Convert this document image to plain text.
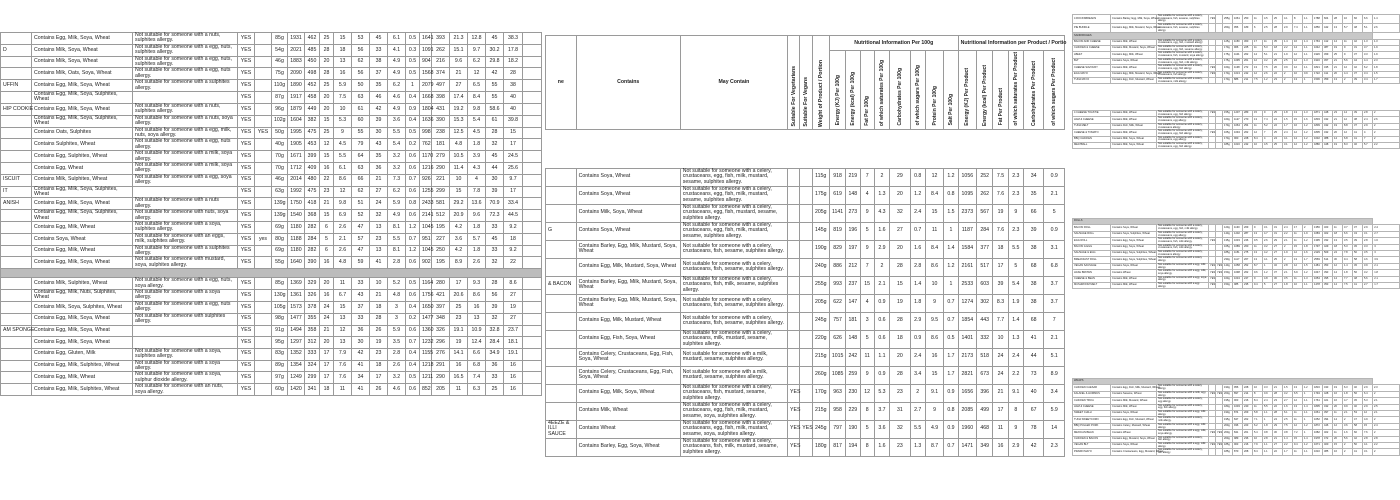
	Contains Egg, Milk, Soya, Wheat	Not suitable for someone with a nuts, sulphites allergy.	YES		85g	1931	462	25	15	53	45	6.1	0.5	1641	393	21.3	12.8	45	38.3	
D	Contains Milk, Soya, Wheat	Not suitable for someone with a egg, nuts, sulphites allergy.	YES		54g	2021	485	28	18	56	33	4.1	0.3	1091	262	15.1	9.7	30.2	17.8	
	Contains Milk, Soya, Wheat	Not suitable for someone with a egg, nuts, sulphites allergy.	YES		46g	1883	450	20	13	62	38	4.9	0.5	904	216	9.6	6.2	29.8	18.2	
	Contains Milk, Oats, Soya, Wheat	Not suitable for someone with a egg, nuts allergy.	YES		75g	2090	498	28	16	56	37	4.9	0.5	1568	374	21	12	42	28	
UFFIN	Contains Egg, Milk, Soya, Wheat	Not suitable for someone with a sulphites allergy.	YES		110g	1890	452	25	5.9	50	35	6.2	1	2079	497	27	6.5	55	38	
	Contains Egg, Milk, Soya, Sulphites, Wheat		YES		87g	1917	458	20	7.5	63	46	4.6	0.4	1668	398	17.4	8.4	55	40	
HIP COOKIE	Contains Egg, Milk, Soya, Wheat	Not suitable for someone with a nuts, sulphites allergy.	YES		96g	1879	449	20	10	61	42	4.9	0.9	1804	431	19.2	9.8	58.6	40	
	Contains Egg, Milk, Soya, Sulphites, Wheat	Not suitable for someone with a nuts, soya allergy.	YES		102g	1604	382	15	5.3	60	39	3.6	0.4	1636	390	15.3	5.4	61	39.8	
	Contains Oats, Sulphites	Not suitable for someone with a egg, milk, nuts, soya allergy.	YES	YES	50g	1995	475	25	9	55	30	5.5	0.5	998	238	12.5	4.5	28	15	
	Contains Sulphites, Wheat	Not suitable for someone with a egg, nuts allergy.	YES		40g	1905	453	12	4.5	79	43	5.4	0.2	762	181	4.8	1.8	32	17	
	Contains Egg, Sulphites, Wheat	Not suitable for someone with a milk, soya allergy.	YES		70g	1671	399	15	5.5	64	35	3.2	0.6	1170	279	10.5	3.9	45	24.5	
	Contains Egg, Wheat	Not suitable for someone with a milk, soya allergy.	YES		70g	1712	409	16	6.1	63	36	3.2	0.6	1216	290	11.4	4.3	44	25.6	
ISCUIT	Contains Milk, Sulphites, Wheat	Not suitable for someone with a egg, soya allergy.	YES		46g	2014	480	22	8.6	66	21	7.3	0.7	926	221	10	4	30	9.7	
IT	Contains Egg, Milk, Soya, Sulphites, Wheat		YES		63g	1992	475	23	12	62	27	6.2	0.6	1255	299	15	7.8	39	17	
ANISH	Contains Egg, Milk, Soya, Wheat	Not suitable for someone with a nuts allergy.	YES		139g	1750	418	21	9.8	51	24	5.9	0.8	2433	581	29.2	13.6	70.9	33.4	
	Contains Egg, Milk, Soya, Sulphites, Wheat	Not suitable for someone with nuts, soya allergy.	YES		139g	1540	368	15	6.9	52	32	4.9	0.6	2141	512	20.9	9.6	72.3	44.5	
	Contains Egg, Milk, Wheat	Not suitable for someone with a soya, sulphites allergy.	YES		69g	1180	282	6	2.6	47	13	8.1	1.2	1045	195	4.2	1.8	33	9.2	
	Contains Soya, Wheat	Not suitable for someone with an eggs, milk, sulphites allergy.	YES	yes	80g	1188	284	5	2.1	57	23	5.5	0.7	951	227	3.6	5.7	45	18	
	Contains Egg, Milk, Wheat	Not suitable for someone with a sulphites allergy.	YES		69g	1180	282	6	2.6	47	13	8.1	1.2	1045	250	4.2	1.8	33	9.2	
	Contains Egg, Milk, Soya, Wheat	Not suitable for someone with mustard, soya, sulphites allergy.	YES		55g	1640	390	16	4.8	59	41	2.8	0.6	902	195	8.9	2.6	32	22	

	Contains Milk, Sulphites, Wheat	Not suitable for someone with a egg, nuts, soya allergy.	YES		85g	1369	329	20	11	33	10	5.2	0.5	1164	280	17	9.3	28	8.6	
	Contains Egg, Milk, Nuts, Sulphites, Wheat	Not suitable for someone with a soya allergy.	YES		130g	1361	326	16	6.7	43	21	4.8	0.6	1756	421	20.6	8.6	56	27	
	Contains Milk, Soya, Sulphites, Wheat	Not suitable for someone with a egg, nuts allergy.	YES		105g	1573	378	24	15	37	18	3	0.4	1650	397	25	16	39	19	
	Contains Egg, Milk, Soya, Wheat	Not suitable for someone with sulphites allergy.	YES		98g	1477	355	24	13	33	28	3	0.2	1477	348	23	13	32	27	
AM SPONGE	Contains Egg, Milk, Soya, Wheat		YES		91g	1494	358	21	12	36	26	5.9	0.6	1360	326	19.1	10.9	32.8	23.7	
	Contains Egg, Milk, Soya, Wheat		YES		95g	1297	312	20	13	30	19	3.5	0.7	1232	296	19	12.4	28.4	18.1	
	Contains Egg, Gluten, Milk	Not suitable for someone with a soya, sulphites allergy.	YES		83g	1352	333	17	7.9	42	23	2.8	0.4	1155	276	14.1	6.6	34.9	19.1	
	Contains Egg, Milk, Sulphites, Wheat	Not suitable for someone with a soya allergy.	YES		89g	1354	324	17	7.6	41	18	2.6	0.4	1218	291	16	6.8	36	16	
	Contains Egg, Milk, Wheat	Not suitable for someone with a soya, sulphur dioxide allergy.	YES		97g	1249	299	17	7.6	34	17	3.2	0.5	1211	290	16.5	7.4	33	16	
	Contains Egg, Milk, Sulphites, Wheat	Not suitable for someone with an nuts, soya allergy.	YES		60g	1420	341	18	11	41	26	4.6	0.6	852	205	11	6.3	25	16	
ne	Contains	May Contain	Suitable For Vegetarians	Suitable For Vegans	Weight of Product / Portion	Nutritional Information Per 100g								Nutritional Information per Product / Portio					
						Energy (KJ) Per 100g	Energy (kcal) Per 100g	Fat Per 100g	of which saturates Per 100g	Carbohydrates Per 100g	of which sugars Per 100g	Protein Per 100g	Salt Per 100g	Energy (KJ) Per Product	Energy (kcal) Per Product	Fat Per Product	of which saturates Per Product	Carbohydrates Per Product	of which sugars Per Product

	Contains Soya, Wheat	Not suitable for someone with a celery, crustaceans, egg, fish, milk, mustard, sesame, sulphites allergy.			115g	918	219	7	2	29	0.8	12	1.2	1056	252	7.5	2.3	34	0.9
	Contains Soya, Wheat	Not suitable for someone with a celery, crustaceans, egg, fish, milk, mustard, sesame, sulphites allergy.			175g	619	148	4	1.3	20	1.2	8.4	0.8	1095	262	7.6	2.3	35	2.1
	Contains Milk, Soya, Wheat	Not suitable for someone with a celery, crustaceans, egg, fish, mustard, sesame, sulphites allergy.			205g	1141	273	9	4.3	32	2.4	15	1.5	2373	567	19	9	66	5
G	Contains Soya, Wheat	Not suitable for someone with a celery, crustaceans, egg, fish, milk, mustard, sesame, sulphites allergy.			145g	819	196	5	1.6	27	0.7	11	1	1187	284	7.6	2.3	39	0.9
	Contains Barley, Egg, Milk, Mustard, Soya, Wheat	Not suitable for someone with a celery, crustaceans, fish, sesame, sulphites allergy.			190g	829	197	9	2.9	20	1.6	8.4	1.4	1584	377	18	5.5	38	3.1
	Contains Egg, Milk, Mustard, Soya, Wheat	Not suitable for someone with a celery, crustaceans, fish, sesame, sulphites allergy.			240g	886	212	7	2	28	2.8	8.6	1.2	2161	517	17	5	68	6.8
& BACON	Contains Barley, Egg, Milk, Mustard, Soya, Wheat	Not suitable for someone with a celery, crustaceans, fish, milk, sesame, sulphites allergy.			255g	993	237	15	2.1	15	1.4	10	1	2533	603	39	5.4	38	3.7
	Contains Barley, Egg, Milk, Mustard, Soya, Wheat	Not suitable for someone with a celery, crustaceans, fish, sesame, sulphites allergy.			205g	622	147	4	0.9	19	1.8	9	0.7	1274	302	8.3	1.9	38	3.7
	Contains Egg, Milk, Mustard, Wheat	Not suitable for someone with a celery, crustaceans, fish, sesame, sulphites allergy.			245g	757	181	3	0.6	28	2.9	9.5	0.7	1854	443	7.7	1.4	68	7
	Contains Egg, Fish, Soya, Wheat	Not suitable for someone with a celery, crustaceans, milk, mustard, sesame, sulphites allergy.			220g	626	148	5	0.6	18	0.9	8.6	0.5	1401	332	10	1.3	41	2.1
	Contains Celery, Crustaceans, Egg, Fish, Soya, Wheat	Not suitable for someone with a milk, mustard, sesame, sulphites allergy.			215g	1015	242	11	1.1	20	2.4	16	1.7	2173	518	24	2.4	44	5.1
	Contains Celery, Crustaceans, Egg, Fish, Soya, Wheat	Not suitable for someone with a milk, mustard, sesame, sulphites allergy.			260g	1085	259	9	0.9	28	3.4	15	1.7	2821	673	24	2.2	73	8.9
	Contains Egg, Milk, Soya, Wheat	Not suitable for someone with a celery, crustaceans, fish, mustard, sesame, sulphites allergy.	YES		170g	963	230	12	5.3	23	2	9.1	0.9	1656	396	21	9.1	40	3.4
	Contains Milk, Wheat	Not suitable for someone with a celery, crustaceans, egg, fish, milk, mustard, sesame, soya, sulphites allergy.	YES		215g	958	229	8	3.7	31	2.7	9	0.8	2085	499	17	8	67	5.9
4EEZE & ILLI SAUCE	Contains Wheat	Not suitable for someone with a celery, crustaceans, egg, fish, milk, mustard, sesame, soya, sulphites allergy.	YES	YES	245g	797	190	5	3.6	32	5.5	4.9	0.9	1960	468	11	9	78	14
	Contains Barley, Egg, Soya, Wheat	Not suitable for someone with a celery, crustaceans, fish, milk, mustard, sesame, sulphites allergy.	YES		180g	817	194	8	1.6	23	1.3	8.7	0.7	1471	349	16	2.9	42	2.3
4 ROCKSBREADS	Contains Barley, Egg, Milk, Soya, Wheat	Not suitable for someone with a celery, crustaceans, fish, sesame, sulphites allergy.	YES		255g	1061	250	11	4.5	25	4.1	8	1.1	1788	604	28	10	66	6.6	1.4
PIE BUNDLE	Contains Egg, Milk, Mustard, Soya, Wheat	Not suitable for someone with a celery, crustaceans, fish, sesame, sulphites allergy.			260g	956	189	6	2.5	28	2.9	7.4	1.1	1850	442	13	5.7	48	5.1	2.6
SANDWICHES																				
BACON AND CHEESE	Contains Milk, Wheat	Not suitable for someone with a celery, crustaceans, egg, fish, mustard allergy.			125g	1150	360	17	11	35	1.4	16	1.4	1763	412	14	11	42	1.3	1.3
CHICKEN & CHEESE	Contains Milk, Mustard, Soya, Wheat	Not suitable for someone with a celery, crustaceans, egg, fish, sesame allergy.			170g	966	225	11	5.3	18	2.2	14	1.1	1642	387	19	9	31	3.7	1.9
LBE&T	Contains Egg, Milk, Wheat	Not suitable for someone with a celery, crustaceans, fish, mustard, soya allergy.			175g	1101	262	14	5.1	21	1.9	12	1.1	1926	459	25	9	37	3.3	1.9
BLT	Contains Soya, Wheat	Not suitable for someone with a celery, crustaceans, egg, fish, milk allergy.			175g	1095	261	12	3.2	25	2.5	12	1.3	1916	457	21	5.6	44	4.4	2.3
CHEESE SAVOURY	Contains Milk, Wheat	Not suitable for someone with a celery, crustaceans, egg, fish allergy.	YES		160g	1138	272	13	7.5	26	3.9	12	1.1	1821	435	21	12	42	6.2	1.8
EGG MAYO	Contains Egg, Milk, Mustard, Soya, Wheat	Not suitable for someone with a celery, crustaceans, fish allergy.	YES		170g	1013	242	12	2.6	22	2	10	0.9	1722	411	20	4.4	37	3.4	1.5
TUNA MAYO	Contains Egg, Fish, Mustard, Wheat	Not suitable for someone with a celery, crustaceans, milk allergy.			170g	886	211	7.5	1.2	23	2	13	1	1506	359	13	2	39	3.4	1.7
4 CHEESE TOASTIE	Contains Milk, Wheat	Not suitable for someone with a celery, crustaceans, egg, fish allergy.	YES		155g	1207	289	15	9	25	1.8	13	1.3	1871	448	23	14	39	2.8	2
HAM & CHEESE	Contains Milk, Wheat	Not suitable for someone with a celery, crustaceans, egg allergy.			160g	1127	270	13	7.4	24	1.5	15	1.6	1803	432	21	12	38	2.4	2.6
TUNA MELT	Contains Fish, Milk, Wheat	Not suitable for someone with a celery, crustaceans allergy.			170g	1064	254	11	5.2	22	1.7	16	1.2	1809	432	19	8.8	37	2.9	2
CHEESE & TOMATO	Contains Milk, Wheat	Not suitable for someone with a celery, crustaceans, egg, fish allergy.	YES		165g	1094	262	12	7	25	2.4	12	1.2	1805	432	20	12	41	4	2
BBQ CHICKEN	Contains Milk, Soya, Wheat	Not suitable for someone with a celery, crustaceans, egg allergy.			170g	960	228	8.4	4	24	4.1	14	1.2	1632	388	14	6.8	41	7	2
MEATBALL	Contains Milk, Soya, Wheat	Not suitable for someone with a celery, crustaceans, egg, fish allergy.			185g	1016	242	10	4.5	25	3.1	12	1.2	1880	448	19	8.3	46	5.7	2.2
ROLLS																				
BACON ROLL	Contains Soya, Wheat	Not suitable for someone with a celery, crustaceans, egg, fish, milk allergy.			120g	1130	269	9	3.1	31	2.4	17	2	1356	323	11	3.7	37	2.9	2.4
SAUSAGE ROLL	Contains Soya, Sulphites, Wheat	Not suitable for someone with a celery, crustaceans, egg allergy.			140g	1202	287	13	4.7	31	2.2	11	1.9	1683	402	18	6.6	43	3.1	2.7
EGG ROLL	Contains Egg, Soya, Wheat	Not suitable for someone with a celery, crustaceans, fish, milk allergy.	YES		135g	1033	246	9.5	2.6	29	2.1	11	1.2	1395	332	13	3.5	39	2.8	1.6
BACON & EGG	Contains Egg, Soya, Wheat	Not suitable for someone with a celery, crustaceans, fish, milk allergy.			165g	1089	260	11	3.2	27	2	15	1.8	1797	429	18	5.3	45	3.3	3
SAUSAGE & EGG	Contains Egg, Soya, Sulphites, Wheat	Not suitable for someone with a celery, crustaceans allergy.			185g	1151	275	13	4.2	27	1.9	12	1.6	2129	509	24	7.8	50	3.5	3
BREAKFAST ROLL	Contains Egg, Soya, Sulphites, Wheat	Not suitable for someone with a celery allergy.			230g	1117	267	13	4.1	25	2	13	1.7	2569	614	30	9.4	58	4.6	3.9
VEGAN SAUSAGE	Contains Soya, Wheat	Not suitable for someone with a egg, milk allergy.	YES	YES	140g	1058	252	8.7	1	32	2.8	12	1.5	1481	353	12	1.4	45	3.9	2.1
HASH BROWN	Contains Wheat	Not suitable for someone with a egg, milk, soya allergy.	YES	YES	150g	1098	262	9.6	1.2	37	2.1	6.9	1.2	1647	393	14	1.8	56	3.2	1.8
CHEESE & BEAN	Contains Milk, Wheat	Not suitable for someone with a egg, soya allergy.	YES		160g	1034	247	9	4.8	30	3.5	11	1.3	1654	395	14	7.7	48	5.6	2.1
MUSHROOM MELT	Contains Milk, Wheat	Not suitable for someone with a egg allergy.	YES		150g	985	235	9.4	5	27	1.8	10	1.1	1478	353	14	7.5	41	2.7	1.7
WRAPS																				
CHICKEN CAESAR	Contains Egg, Fish, Milk, Mustard, Wheat	Not suitable for someone with a celery allergy.			190g	956	228	10	3.3	21	1.5	13	1.2	1816	433	19	6.3	40	2.9	2.3
FALAFEL & HUMMUS	Contains Sesame, Wheat	Not suitable for someone with a milk, egg allergy.	YES	YES	200g	897	214	8	0.9	28	3.2	6.5	1	1794	428	16	1.8	56	6.4	2
CHICKEN TIKKA	Contains Milk, Mustard, Wheat	Not suitable for someone with a celery, egg allergy.			195g	903	216	8.4	2.4	23	2.7	12	1.1	1761	421	16	4.7	45	5.3	2.1
HAM & CHEESE	Contains Milk, Wheat	Not suitable for someone with a celery, egg, fish allergy.			180g	1003	240	11	5.5	22	1.6	13	1.4	1805	432	20	9.9	40	2.9	2.5
SWEET CHILLI	Contains Soya, Wheat	Not suitable for someone with a egg, milk allergy.			190g	874	209	5.8	1.1	28	6.1	11	1.1	1661	397	11	2.1	53	12	2.1
TUNA SWEETCORN	Contains Egg, Fish, Mustard, Wheat	Not suitable for someone with a celery, milk allergy.			195g	847	202	7.1	1	24	2.5	11	1	1652	394	14	2	47	4.9	2
BBQ PULLED PORK	Contains Celery, Mustard, Wheat	Not suitable for someone with a egg, milk allergy.			200g	936	223	6.2	1.8	29	7.5	12	1.2	1872	446	12	3.6	58	15	2.4
MEXICAN BEAN	Contains Wheat	Not suitable for someone with a egg, milk, soya allergy.	YES	YES	200g	841	201	5.4	0.8	30	3.8	7.2	1	1682	402	11	1.6	60	7.6	2
CHICKEN & BACON	Contains Egg, Mustard, Soya, Wheat	Not suitable for someone with a celery, fish allergy.			200g	989	236	10	2.8	21	1.4	15	1.4	1978	472	20	5.6	42	2.8	2.8
VEGAN BLT	Contains Soya, Wheat	Not suitable for someone with a egg, milk allergy.	YES	YES	185g	903	216	7.9	1.1	27	2.2	9.4	1.2	1671	400	15	2	50	4.1	2.2
PRAWN MAYO	Contains Crustaceans, Egg, Mustard, Wheat	Not suitable for someone with a celery, fish allergy.			185g	870	208	8.4	1.1	22	1.7	11	1.1	1610	385	16	2	41	3.1	2
